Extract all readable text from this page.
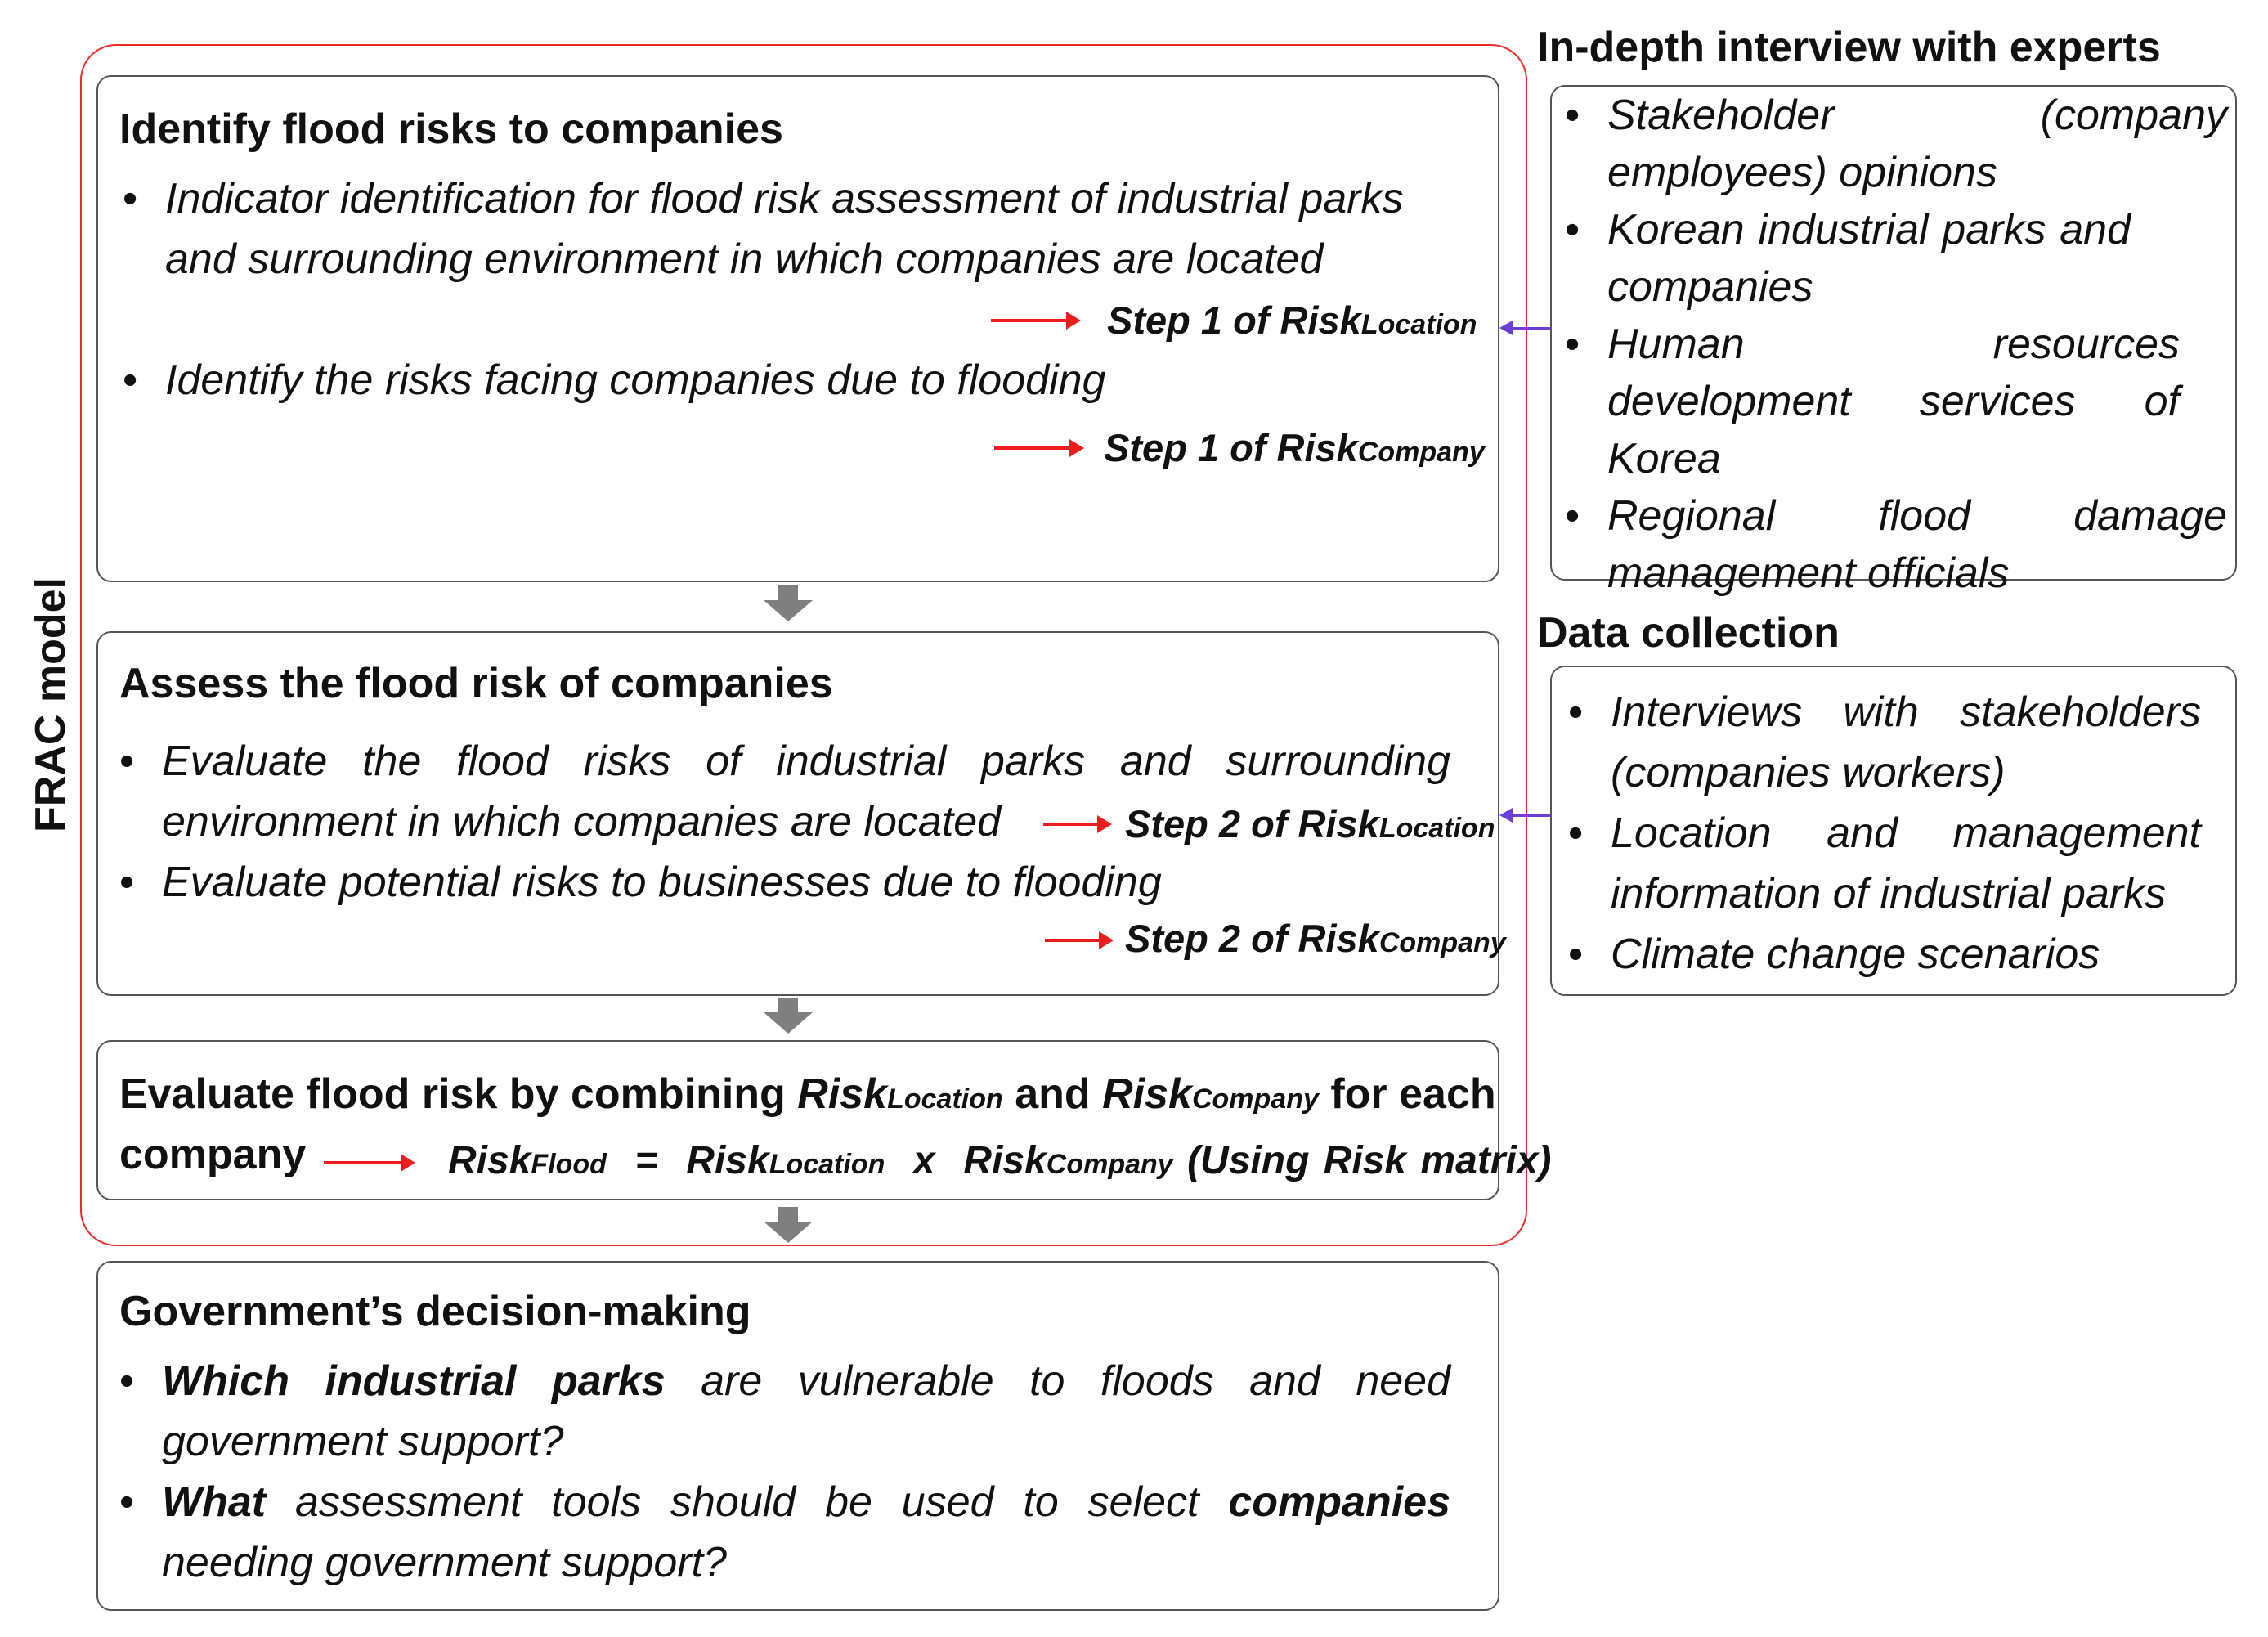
FRAC model
Identify flood risks to companies
• Indicator identification for flood risk assessment of industrial parks and surrounding environment in which companies are located
Step 1 of RiskLocation
• Identify the risks facing companies due to flooding
Step 1 of RiskCompany
Assess the flood risk of companies
• Evaluate the flood risks of industrial parks and surrounding environment in which companies are located	Step 2 of RiskLocation
• Evaluate potential risks to businesses due to flooding
Step 2 of RiskCompany
Evaluate flood risk by combining RiskLocation and RiskCompany for each
company	RiskFlood = RiskLocation x RiskCompany (Using Risk matrix)
Government’s decision-making
• Which industrial parks are vulnerable to floods and need government support?
• What assessment tools should be used to select companies needing government support?
In-depth interview with experts
• Stakeholder (company employees) opinions
• Korean industrial parks and companies
• Human resources development services of Korea
• Regional flood damage management officials
Data collection
• Interviews with stakeholders (companies workers)
• Location and management information of industrial parks
• Climate change scenarios
